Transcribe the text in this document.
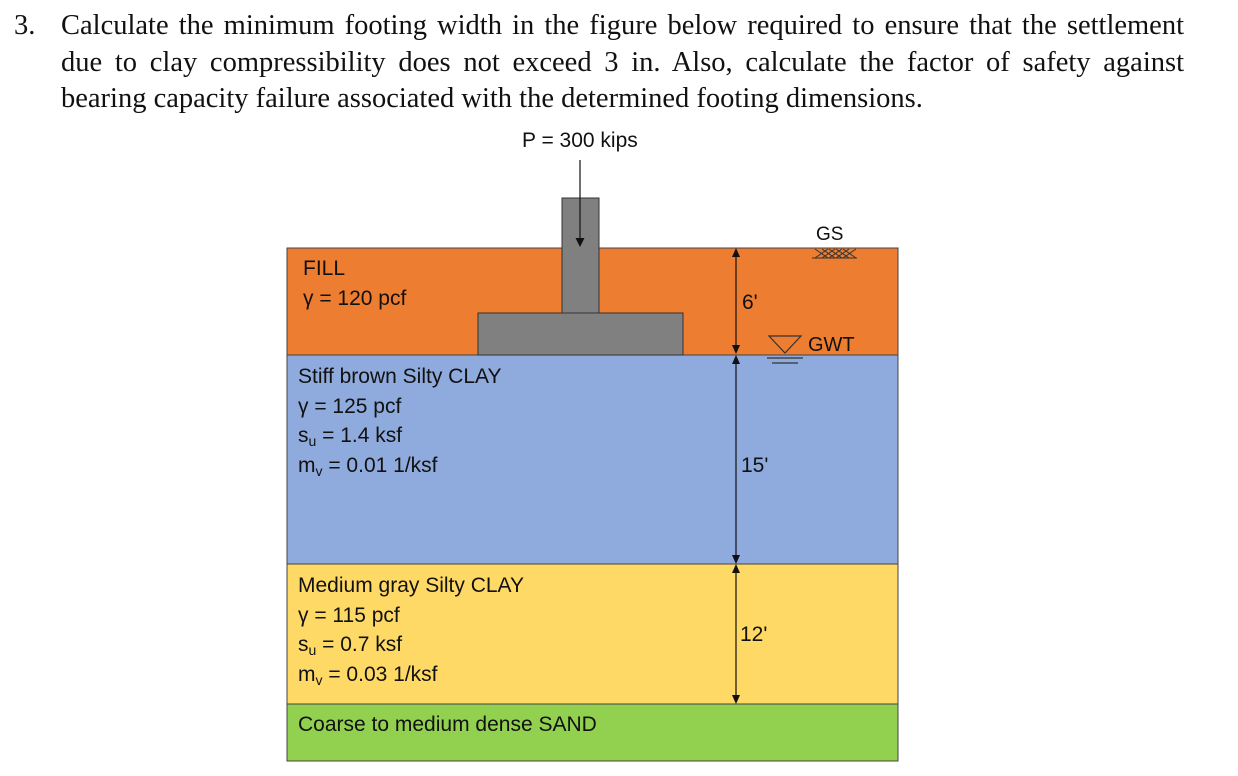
3. Calculate the minimum footing width in the figure below required to ensure that the settlement due to clay compressibility does not exceed 3 in. Also, calculate the factor of safety against bearing capacity failure associated with the determined footing dimensions.
P = 300 kips
GS
GWT
6'
15'
12'
FILL
γ = 120 pcf
Stiff brown Silty CLAY
γ = 125 pcf
$s_u = 1.4$ ksf
$m_v = 0.01$ 1/ksf
Medium gray Silty CLAY
γ = 115 pcf
$s_u = 0.7$ ksf
$m_v = 0.03$ 1/ksf
Coarse to medium dense SAND
